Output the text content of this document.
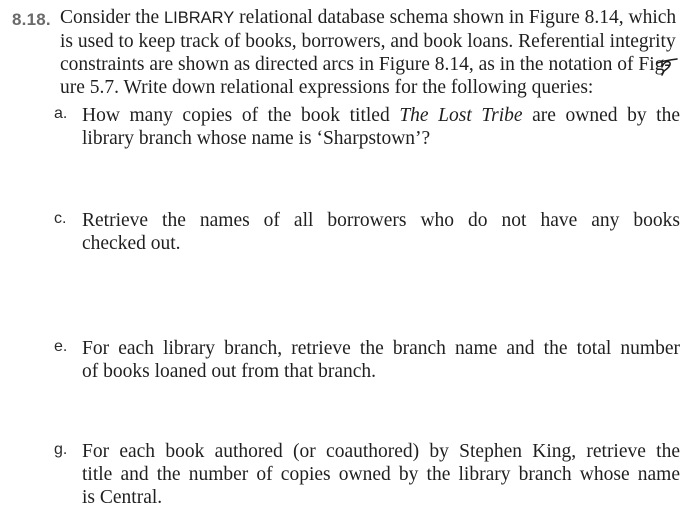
8.18. Consider the LIBRARY relational database schema shown in Figure 8.14, which
is used to keep track of books, borrowers, and book loans. Referential integrity
constraints are shown as directed arcs in Figure 8.14, as in the notation of Fig-
ure 5.7. Write down relational expressions for the following queries:
a. How many copies of the book titled The Lost Tribe are owned by the
library branch whose name is ‘Sharpstown’?
c. Retrieve the names of all borrowers who do not have any books
checked out.
e. For each library branch, retrieve the branch name and the total number
of books loaned out from that branch.
g. For each book authored (or coauthored) by Stephen King, retrieve the
title and the number of copies owned by the library branch whose name
is Central.
